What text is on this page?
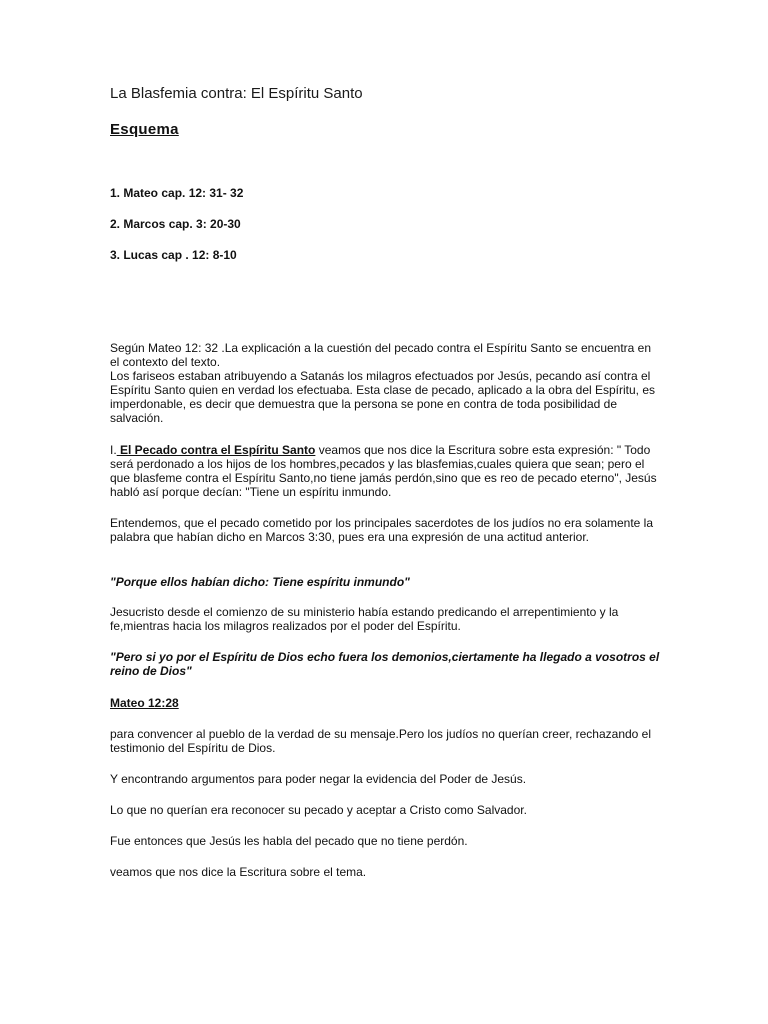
La Blasfemia contra: El Espíritu Santo
Esquema
1. Mateo cap. 12: 31- 32
2. Marcos cap. 3: 20-30
3. Lucas cap . 12: 8-10

Según Mateo 12: 32 .La explicación a la cuestión del pecado contra el Espíritu Santo se encuentra en el contexto del texto.

Los fariseos estaban atribuyendo a Satanás los milagros efectuados por Jesús, pecando así contra el Espíritu Santo quien en verdad los efectuaba. Esta clase de pecado, aplicado a la obra del Espíritu, es imperdonable, es decir que demuestra que la persona se pone en contra de toda posibilidad de salvación.

I. El Pecado contra el Espíritu Santo veamos que nos dice la Escritura sobre esta expresión: " Todo será perdonado a los hijos de los hombres,pecados y las blasfemias,cuales quiera que sean; pero el que blasfeme contra el Espíritu Santo,no tiene jamás perdón,sino que es reo de pecado eterno", Jesús habló así porque decían: "Tiene un espíritu inmundo.
Entendemos, que el pecado cometido por los principales sacerdotes de los judíos no era solamente la palabra que habían dicho en Marcos 3:30, pues era una expresión de una actitud anterior.
"Porque ellos habían dicho: Tiene espíritu inmundo"
Jesucristo desde el comienzo de su ministerio había estando predicando el arrepentimiento y la fe,mientras hacia los milagros realizados por el poder del Espíritu.
"Pero si yo por el Espíritu de Dios echo fuera los demonios,ciertamente ha llegado a vosotros el reino de Dios"
Mateo 12:28
para convencer al pueblo de la verdad de su mensaje.Pero los judíos no querían creer, rechazando el testimonio del Espíritu de Dios.
Y encontrando argumentos para poder negar la evidencia del Poder de Jesús.
Lo que no querían era reconocer su pecado y aceptar a Cristo como Salvador.
Fue entonces que Jesús les habla del pecado que no tiene perdón.
veamos que nos dice la Escritura sobre el tema.
